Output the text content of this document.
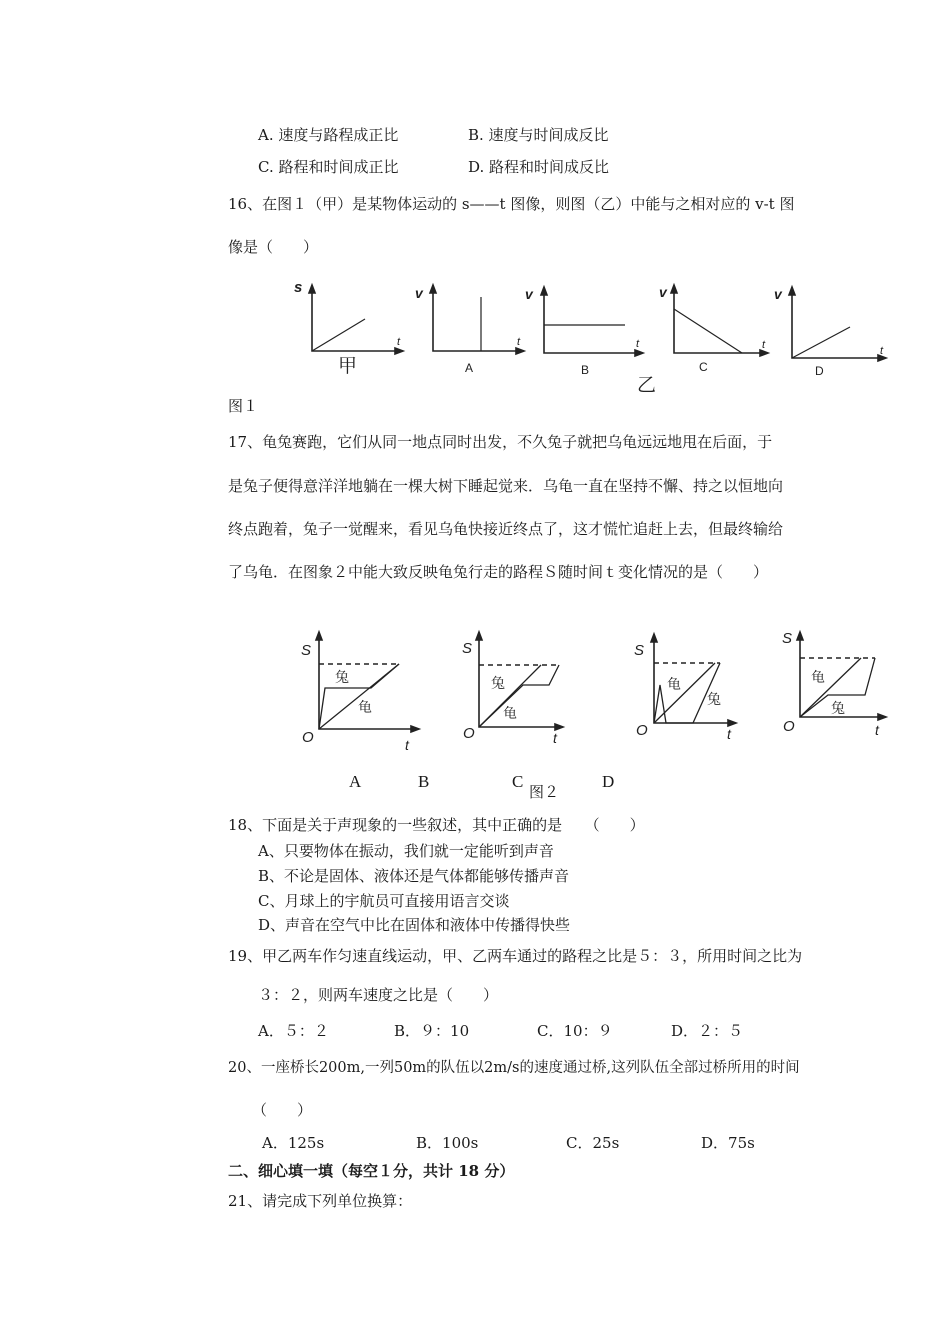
A. 速度与路程成正比	B. 速度与时间成反比
C. 路程和时间成正比	D. 路程和时间成反比
16、在图１（甲）是某物体运动的 s——t 图像，则图（乙）中能与之相对应的 v-t 图
像是（　　）
s
t
甲
v
t
A
v
t
B
乙
v
t
C
v
t
D
图１
17、龟兔赛跑，它们从同一地点同时出发，不久兔子就把乌龟远远地甩在后面，于
是兔子便得意洋洋地躺在一棵大树下睡起觉来．乌龟一直在坚持不懈、持之以恒地向
终点跑着，兔子一觉醒来，看见乌龟快接近终点了，这才慌忙追赶上去，但最终输给
了乌龟．在图象２中能大致反映龟兔行走的路程Ｓ随时间ｔ变化情况的是（　　）
S
O	t
兔
龟
S
O	t
兔
龟
S
O	t
龟
兔
S
O	t
龟
兔
A	B	C
图２
D
18、下面是关于声现象的一些叙述，其中正确的是　　（　　）
A、只要物体在振动，我们就一定能听到声音
B、不论是固体、液体还是气体都能够传播声音
C、月球上的宇航员可直接用语言交谈
D、声音在空气中比在固体和液体中传播得快些
19、甲乙两车作匀速直线运动，甲、乙两车通过的路程之比是５：３，所用时间之比为
３：２，则两车速度之比是（　　）
A．５：２	B．９：10	C．10：９	D．２：５
20、一座桥长200m,一列50m的队伍以2m/s的速度通过桥,这列队伍全部过桥所用的时间
（　　）
A．125s	B．100s	C．25s	D．75s
二、细心填一填（每空１分，共计 18 分）
21、请完成下列单位换算：
